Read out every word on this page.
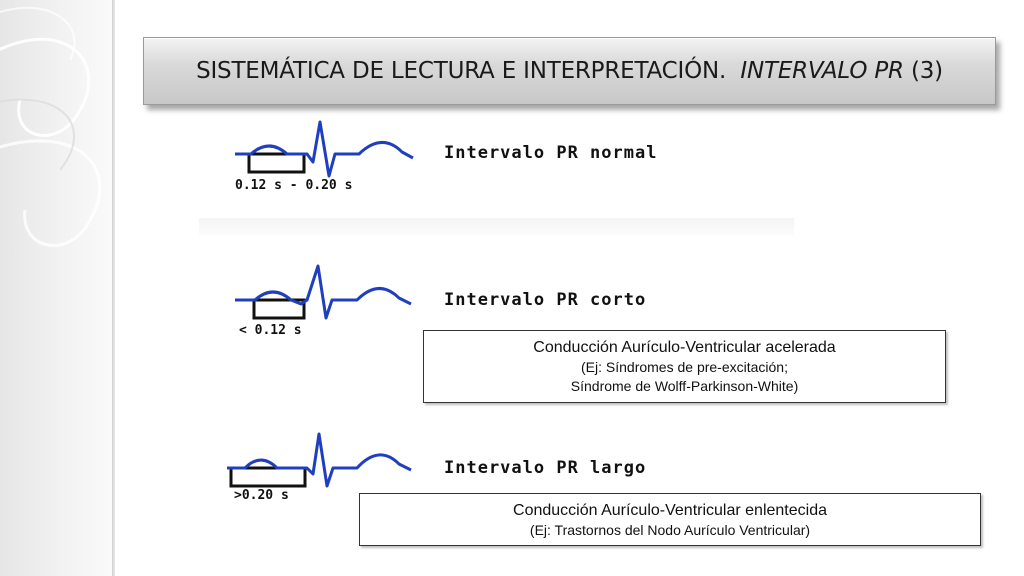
SISTEMÁTICA DE LECTURA E INTERPRETACIÓN. INTERVALO PR (3)
0.12 s - 0.20 s
Intervalo PR normal
< 0.12 s
Intervalo PR corto
>0.20 s
Intervalo PR largo
Conducción Aurículo-Ventricular acelerada
(Ej: Síndromes de pre-excitación;
Síndrome de Wolff-Parkinson-White)
Conducción Aurículo-Ventricular enlentecida
(Ej: Trastornos del Nodo Aurículo Ventricular)
